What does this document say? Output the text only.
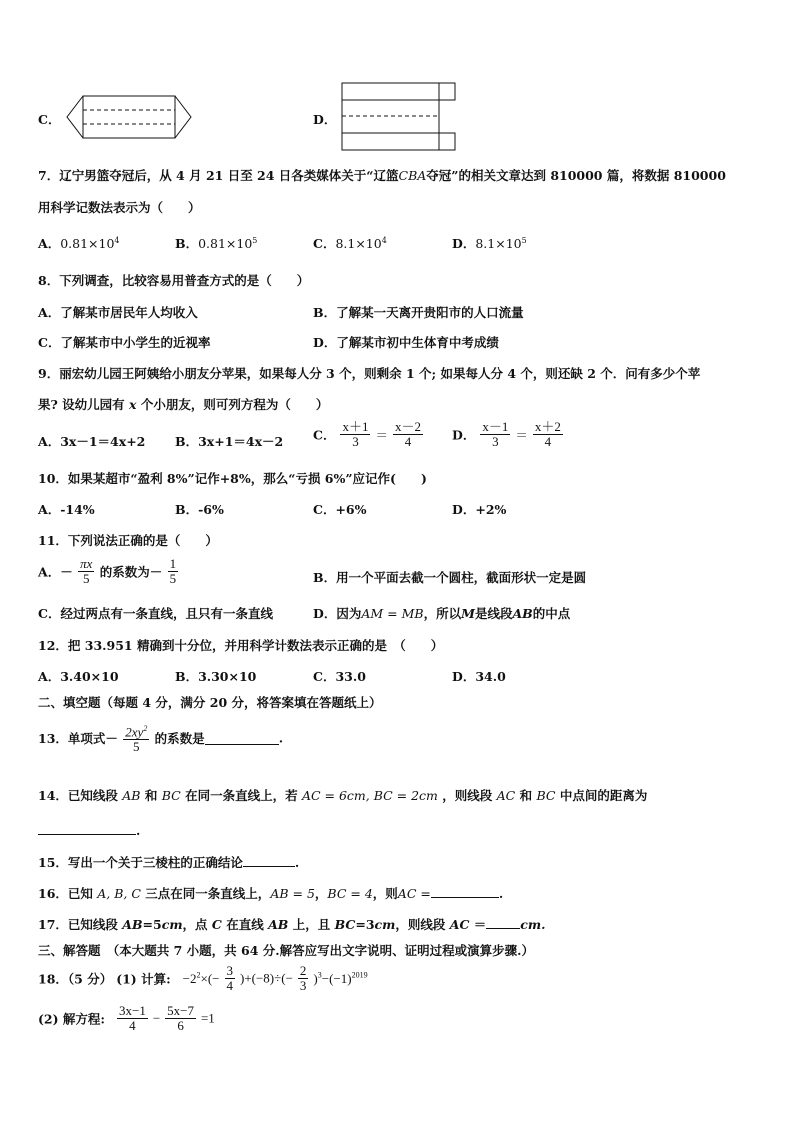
C．	D．
7．辽宁男篮夺冠后，从 4 月 21 日至 24 日各类媒体关于“辽篮CBA夺冠”的相关文章达到 810000 篇，将数据 810000
用科学记数法表示为（　　）
A．$0.81\times 10^4$	B．$0.81\times 10^5$	C．$8.1\times 10^4$	D．$8.1\times 10^5$
8．下列调查，比较容易用普查方式的是（　　）
A．了解某市居民年人均收入	B．了解某一天离开贵阳市的人口流量
C．了解某市中小学生的近视率	D．了解某市初中生体育中考成绩
9．丽宏幼儿园王阿姨给小朋友分苹果，如果每人分 3 个，则剩余 1 个; 如果每人分 4 个，则还缺 2 个．问有多少个苹
果? 设幼儿园有 x 个小朋友，则可列方程为（　　）
A．3x－1＝4x+2 B．3x+1＝4x－2 C． $\frac{x+1}{3} = \frac{x-2}{4}$ D． $\frac{x-1}{3} = \frac{x+2}{4}$
10．如果某超市“盈利 8%”记作+8%，那么“亏损 6%”应记作(　　)
A．-14%	B．-6%	C．+6%	D．+2%
11．下列说法正确的是（　　）
A．－ $\frac{\pi x}{5}$ 的系数为－ $\frac{1}{5}$	B．用一个平面去截一个圆柱，截面形状一定是圆
C．经过两点有一条直线，且只有一条直线	D．因为AM = MB，所以M是线段AB的中点
12．把 33.951 精确到十分位，并用科学计数法表示正确的是　（　　）
A．3.40×10	B．3.30×10	C．33.0	D．34.0
二、填空题（每题 4 分，满分 20 分，将答案填在答题纸上）
13．单项式－ $\frac{2xy^2}{5}$ 的系数是	.
14．已知线段 AB 和 BC 在同一条直线上，若 AC = 6cm, BC = 2cm ，则线段 AC 和 BC 中点间的距离为
.
15．写出一个关于三棱柱的正确结论	.
16．已知 A, B, C 三点在同一条直线上，AB = 5，BC = 4，则AC =	.
17．已知线段 AB=5cm，点 C 在直线 AB 上，且 BC=3cm，则线段 AC ＝	cm.
三、解答题　（本大题共 7 小题，共 64 分.解答应写出文字说明、证明过程或演算步骤.）
18．（5 分） (1) 计算: $-2^2\times(- \frac{3}{4} )+(-8)\div(- \frac{2}{3} )^3-(-1)^{2019}$
(2) 解方程: $\frac{3x-1}{4} - \frac{5x-7}{6} =1$
